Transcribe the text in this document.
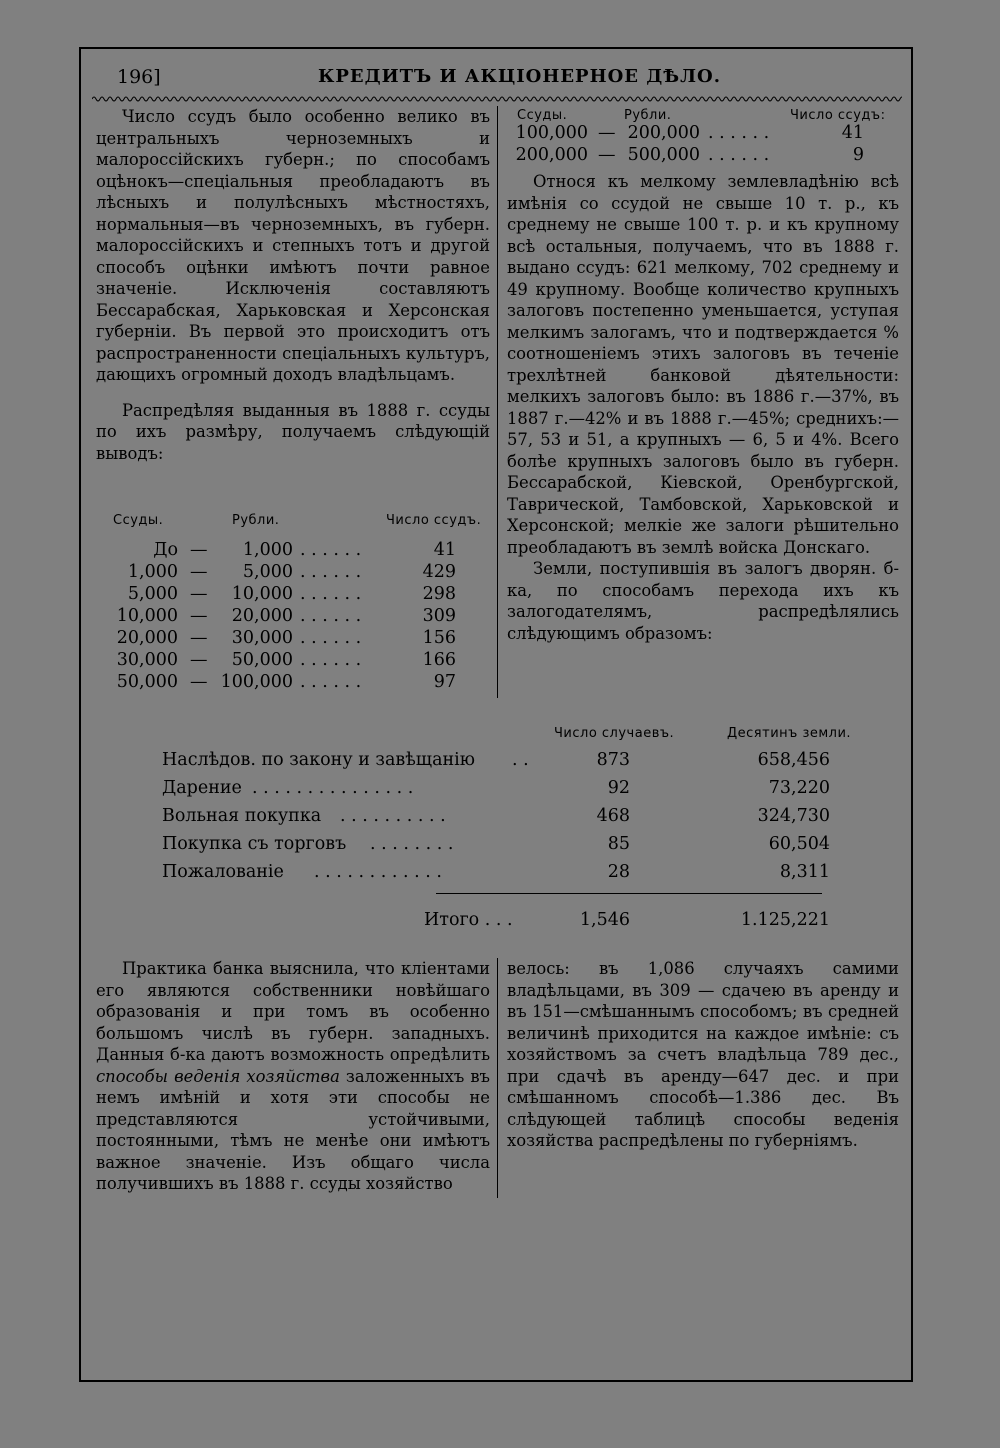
196]	КРЕДИТЪ И АКЦIОНЕРНОЕ ДѢЛО.

Число ссудъ было особенно велико въ центральныхъ черноземныхъ и малороссiйскихъ губерн.; по способамъ оцѣнокъ—спецiальныя преобладаютъ въ лѣсныхъ и полулѣсныхъ мѣстностяхъ, нормальныя—въ черноземныхъ, въ губерн. малороссiйскихъ и степныхъ тотъ и другой способъ оцѣнки имѣютъ почти равное значенiе. Исключенiя составляютъ Бессарабская, Харьковская и Херсонская губернiи. Въ первой это происходитъ отъ распространенности спецiальныхъ культуръ, дающихъ огромный доходъ владѣльцамъ.

Распредѣляя выданныя въ 1888 г. ссуды по ихъ размѣру, получаемъ слѣдующiй выводъ:

Ссуды.	Рубли.	Число ссудъ.
До —	1,000 . . . . . .	41
1,000 —	5,000 . . . . . .	429
5,000 —	10,000 . . . . . .	298
10,000 —	20,000 . . . . . .	309
20,000 —	30,000 . . . . . .	156
30,000 —	50,000 . . . . . .	166
50,000 — 100,000 . . . . . .	97
Ссуды.	Рубли.	Число ссудъ:
100,000 — 200,000 . . . . . .	41
200,000 — 500,000 . . . . . .	9

Относя къ мелкому землевладѣнiю всѣ имѣнiя со ссудой не свыше 10 т. р., къ среднему не свыше 100 т. р. и къ крупному всѣ остальныя, получаемъ, что въ 1888 г. выдано ссудъ: 621 мелкому, 702 среднему и 49 крупному. Вообще количество крупныхъ залоговъ постепенно уменьшается, уступая мелкимъ залогамъ, что и подтверждается % соотношенiемъ этихъ залоговъ въ теченiе трехлѣтней банковой дѣятельности: мелкихъ залоговъ было: въ 1886 г.—37%, въ 1887 г.—42% и въ 1888 г.—45%; среднихъ:—57, 53 и 51, а крупныхъ — 6, 5 и 4%. Всего болѣе крупныхъ залоговъ было въ губерн. Бессарабской, Кiевской, Оренбургской, Таврической, Тамбовской, Харьковской и Херсонской; мелкiе же залоги рѣшительно преобладаютъ въ землѣ войска Донскаго.

Земли, поступившiя въ залогъ дворян. б-ка, по способамъ перехода ихъ къ залогодателямъ, распредѣлялись слѣдующимъ образомъ:

Число случаевъ.	Десятинъ земли.
Наслѣдов. по закону и завѣщанiю . .	873	658,456
Дарение . . . . . . . . . . . . . . .	92	73,220
Вольная покупка . . . . . . . . . .	468	324,730
Покупка съ торговъ . . . . . . . .	85	60,504
Пожалованiе . . . . . . . . . . . .	28	8,311
Итого . . .	1,546	1.125,221

Практика банка выяснила, что клiентами его являются собственники новѣйшаго образованiя и при томъ въ особенно большомъ числѣ въ губерн. западныхъ. Данныя б-ка даютъ возможность опредѣлить способы веденiя хозяйства заложенныхъ въ немъ имѣнiй и хотя эти способы не представляются устойчивыми, постоянными, тѣмъ не менѣе они имѣютъ важное значенiе. Изъ общаго числа получившихъ въ 1888 г. ссуды хозяйство

велось: въ 1,086 случаяхъ самими владѣльцами, въ 309 — сдачею въ аренду и въ 151—смѣшаннымъ способомъ; въ средней величинѣ приходится на каждое имѣнiе: съ хозяйствомъ за счетъ владѣльца 789 дес., при сдачѣ въ аренду—647 дес. и при смѣшанномъ способѣ—1.386 дес. Въ слѣдующей таблицѣ способы веденiя хозяйства распредѣлены по губернiямъ.
